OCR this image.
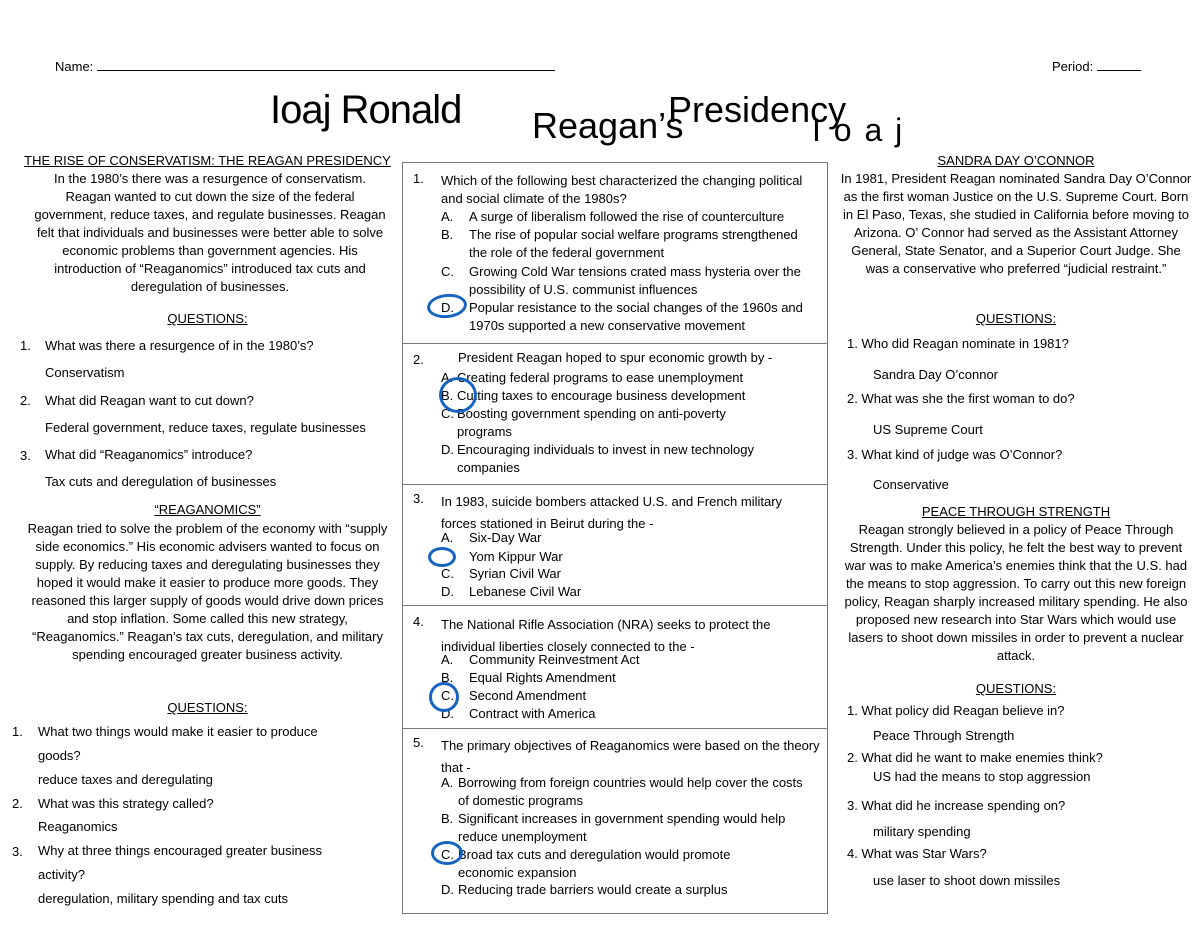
Name:	Period:
Ioaj Ronald Reagan’s
Presidency
I o a j
THE RISE OF CONSERVATISM: THE REAGAN PRESIDENCY
In the 1980’s there was a resurgence of conservatism. Reagan wanted to cut down the size of the federal government, reduce taxes, and regulate businesses. Reagan felt that individuals and businesses were better able to solve economic problems than government agencies. His introduction of “Reaganomics” introduced tax cuts and deregulation of businesses.
QUESTIONS:
1. What was there a resurgence of in the 1980’s?
Conservatism
2. What did Reagan want to cut down?
Federal government, reduce taxes, regulate businesses
3. What did “Reaganomics” introduce?
Tax cuts and deregulation of businesses
“REAGANOMICS”
Reagan tried to solve the problem of the economy with “supply side economics.” His economic advisers wanted to focus on supply. By reducing taxes and deregulating businesses they hoped it would make it easier to produce more goods. They reasoned this larger supply of goods would drive down prices and stop inflation. Some called this new strategy, “Reaganomics.” Reagan’s tax cuts, deregulation, and military spending encouraged greater business activity.
QUESTIONS:
1. What two things would make it easier to produce
goods?
reduce taxes and deregulating
2. What was this strategy called?
Reaganomics
3. Why at three things encouraged greater business
activity?
deregulation, military spending and tax cuts
1. Which of the following best characterized the changing political and social climate of the 1980s?
A. A surge of liberalism followed the rise of counterculture
B. The rise of popular social welfare programs strengthened the role of the federal government
C. Growing Cold War tensions crated mass hysteria over the possibility of U.S. communist influences
D. Popular resistance to the social changes of the 1960s and 1970s supported a new conservative movement
2.	President Reagan hoped to spur economic growth by -
A. Creating federal programs to ease unemployment
B. Cutting taxes to encourage business development
C. Boosting government spending on anti-poverty programs
D. Encouraging individuals to invest in new technology companies
3. In 1983, suicide bombers attacked U.S. and French military forces stationed in Beirut during the -
A. Six-Day War
Yom Kippur War
C. Syrian Civil War
D. Lebanese Civil War
4. The National Rifle Association (NRA) seeks to protect the individual liberties closely connected to the -
A. Community Reinvestment Act
B. Equal Rights Amendment
C. Second Amendment
D. Contract with America
5. The primary objectives of Reaganomics were based on the theory that -
A. Borrowing from foreign countries would help cover the costs of domestic programs
B. Significant increases in government spending would help reduce unemployment
C. Broad tax cuts and deregulation would promote economic expansion
D. Reducing trade barriers would create a surplus
SANDRA DAY O’CONNOR
In 1981, President Reagan nominated Sandra Day O’Connor as the first woman Justice on the U.S. Supreme Court. Born in El Paso, Texas, she studied in California before moving to Arizona. O’ Connor had served as the Assistant Attorney General, State Senator, and a Superior Court Judge. She was a conservative who preferred “judicial restraint.”
QUESTIONS:
1. Who did Reagan nominate in 1981?
Sandra Day O’connor
2. What was she the first woman to do?
US Supreme Court
3. What kind of judge was O’Connor?
Conservative
PEACE THROUGH STRENGTH
Reagan strongly believed in a policy of Peace Through Strength. Under this policy, he felt the best way to prevent war was to make America’s enemies think that the U.S. had the means to stop aggression. To carry out this new foreign policy, Reagan sharply increased military spending. He also proposed new research into Star Wars which would use lasers to shoot down missiles in order to prevent a nuclear attack.
QUESTIONS:
1. What policy did Reagan believe in?
Peace Through Strength
2. What did he want to make enemies think?
US had the means to stop aggression
3. What did he increase spending on?
military spending
4. What was Star Wars?
use laser to shoot down missiles
